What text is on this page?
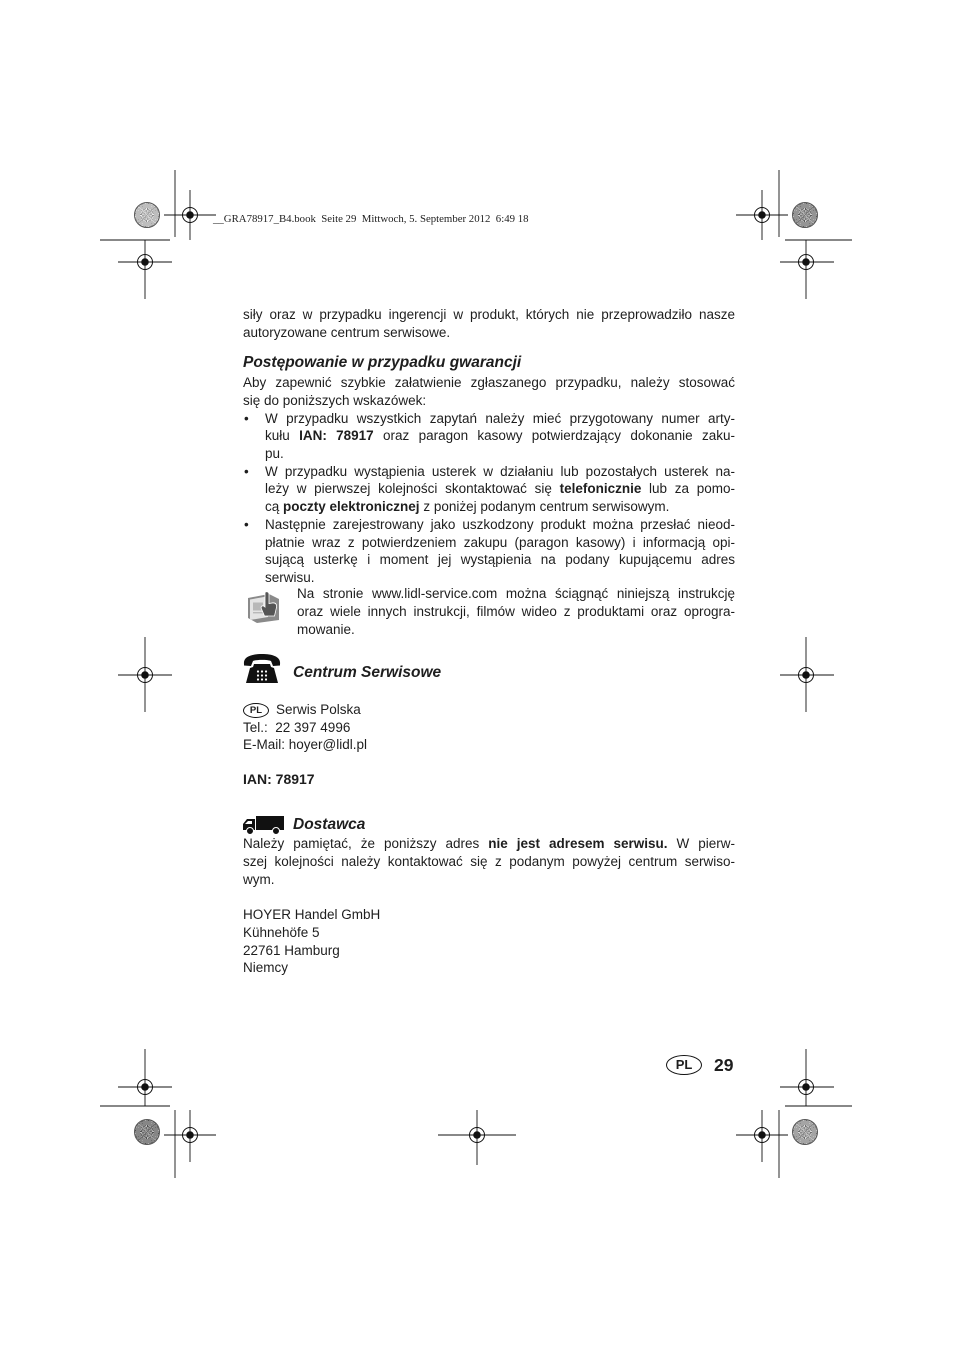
__GRA78917_B4.book  Seite 29  Mittwoch, 5. September 2012  6:49 18
siły oraz w przypadku ingerencji w produkt, których nie przeprowadziło nasze
autoryzowane centrum serwisowe.
Postępowanie w przypadku gwarancji
Aby zapewnić szybkie załatwienie zgłaszanego przypadku, należy stosować
się do poniższych wskazówek:
• W przypadku wszystkich zapytań należy mieć przygotowany numer arty-
kułu IAN: 78917 oraz paragon kasowy potwierdzający dokonanie zaku-
pu.
• W przypadku wystąpienia usterek w działaniu lub pozostałych usterek na-
leży w pierwszej kolejności skontaktować się telefonicznie lub za pomo-
cą poczty elektronicznej z poniżej podanym centrum serwisowym.
• Następnie zarejestrowany jako uszkodzony produkt można przesłać nieod-
płatnie wraz z potwierdzeniem zakupu (paragon kasowy) i informacją opi-
sującą usterkę i moment jej wystąpienia na podany kupującemu adres
serwisu.
Na stronie www.lidl-service.com można ściągnąć niniejszą instrukcję
oraz wiele innych instrukcji, filmów wideo z produktami oraz oprogra-
mowanie.
Centrum Serwisowe
PL Serwis Polska
Tel.:  22 397 4996
E-Mail: hoyer@lidl.pl
IAN: 78917
Dostawca
Należy pamiętać, że poniższy adres nie jest adresem serwisu. W pierw-
szej kolejności należy kontaktować się z podanym powyżej centrum serwiso-
wym.
HOYER Handel GmbH
Kühnehöfe 5
22761 Hamburg
Niemcy
PL	29
